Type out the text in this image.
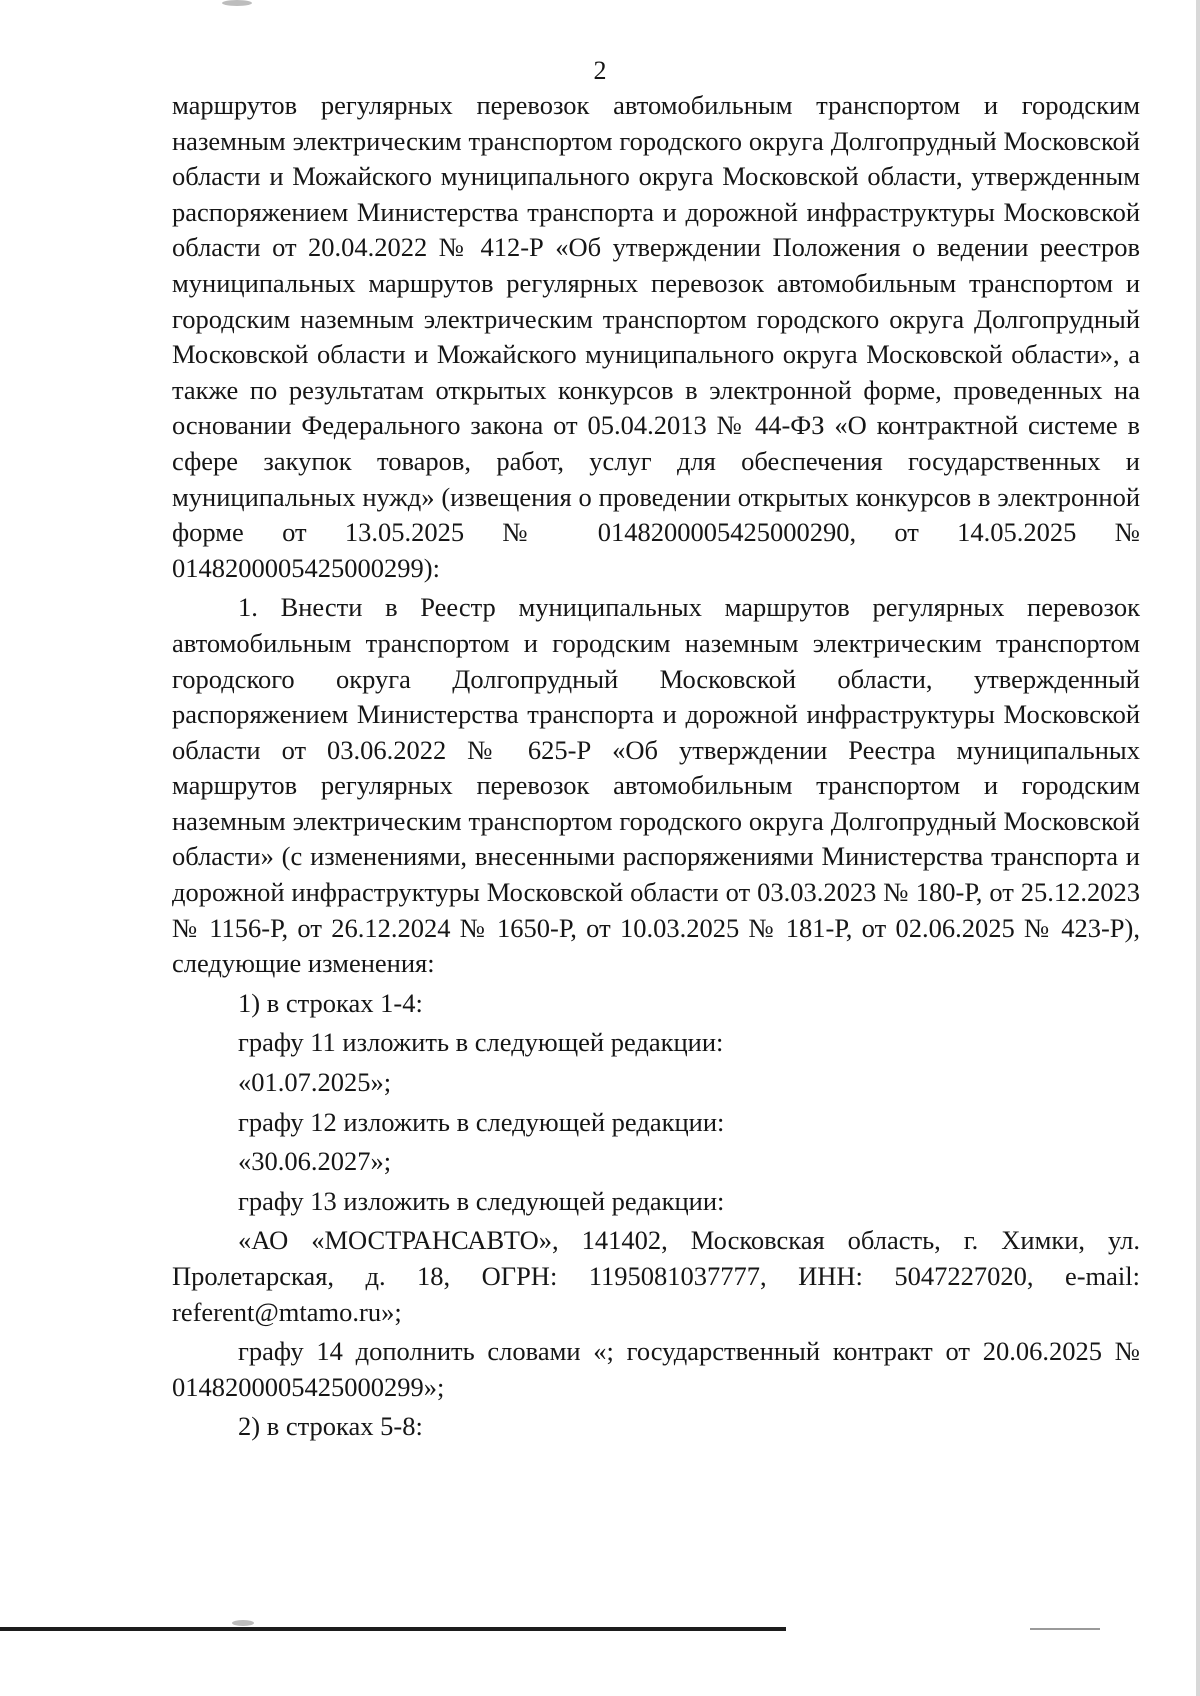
2

маршрутов регулярных перевозок автомобильным транспортом и городским наземным электрическим транспортом городского округа Долгопрудный Московской области и Можайского муниципального округа Московской области, утвержденным распоряжением Министерства транспорта и дорожной инфраструктуры Московской области от 20.04.2022 № 412-Р «Об утверждении Положения о ведении реестров муниципальных маршрутов регулярных перевозок автомобильным транспортом и городским наземным электрическим транспортом городского округа Долгопрудный Московской области и Можайского муниципального округа Московской области», а также по результатам открытых конкурсов в электронной форме, проведенных на основании Федерального закона от 05.04.2013 № 44-ФЗ «О контрактной системе в сфере закупок товаров, работ, услуг для обеспечения государственных и муниципальных нужд» (извещения о проведении открытых конкурсов в электронной форме от 13.05.2025 № 0148200005425000290, от 14.05.2025 № 0148200005425000299):

1. Внести в Реестр муниципальных маршрутов регулярных перевозок автомобильным транспортом и городским наземным электрическим транспортом городского округа Долгопрудный Московской области, утвержденный распоряжением Министерства транспорта и дорожной инфраструктуры Московской области от 03.06.2022 № 625-Р «Об утверждении Реестра муниципальных маршрутов регулярных перевозок автомобильным транспортом и городским наземным электрическим транспортом городского округа Долгопрудный Московской области» (с изменениями, внесенными распоряжениями Министерства транспорта и дорожной инфраструктуры Московской области от 03.03.2023 № 180-Р, от 25.12.2023 № 1156-Р, от 26.12.2024 № 1650-Р, от 10.03.2025 № 181-Р, от 02.06.2025 № 423-Р), следующие изменения:

1) в строках 1-4:

графу 11 изложить в следующей редакции:

«01.07.2025»;

графу 12 изложить в следующей редакции:

«30.06.2027»;

графу 13 изложить в следующей редакции:

«АО «МОСТРАНСАВТО», 141402, Московская область, г. Химки, ул. Пролетарская, д. 18, ОГРН: 1195081037777, ИНН: 5047227020, e-mail: referent@mtamo.ru»;

графу 14 дополнить словами «; государственный контракт от 20.06.2025 № 0148200005425000299»;

2) в строках 5-8:
